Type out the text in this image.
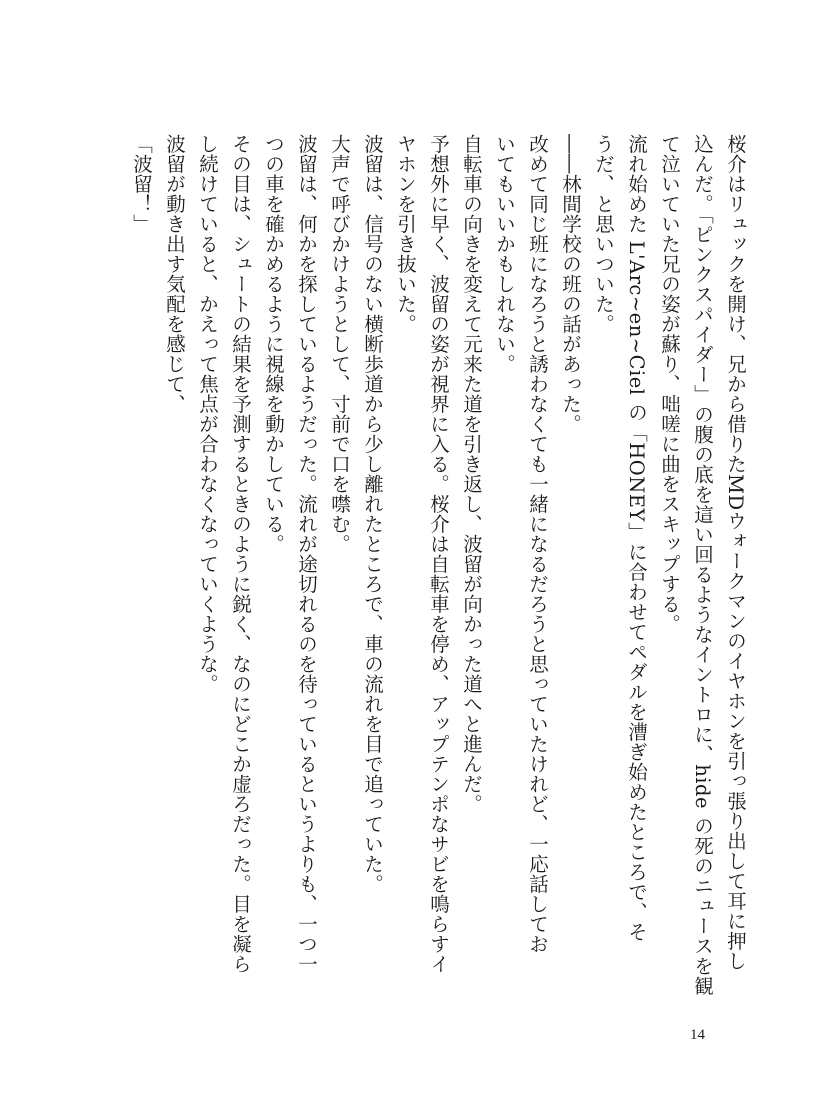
桜介はリュックを開け、兄から借りたMDウォークマンのイヤホンを引っ張り出して耳に押し
込んだ。「ピンクスパイダー」の腹の底を這い回るようなイントロに、hide の死のニュースを観
て泣いていた兄の姿が蘇り、咄嗟に曲をスキップする。
流れ始めた L'Arc~en~Ciel の「HONEY」に合わせてペダルを漕ぎ始めたところで、そ
うだ、と思いついた。
――林間学校の班の話があった。
改めて同じ班になろうと誘わなくても一緒になるだろうと思っていたけれど、一応話してお
いてもいいかもしれない。
自転車の向きを変えて元来た道を引き返し、波留が向かった道へと進んだ。
予想外に早く、波留の姿が視界に入る。桜介は自転車を停め、アップテンポなサビを鳴らすイ
ヤホンを引き抜いた。
波留は、信号のない横断歩道から少し離れたところで、車の流れを目で追っていた。
大声で呼びかけようとして、寸前で口を噤む。
波留は、何かを探しているようだった。流れが途切れるのを待っているというよりも、一つ一
つの車を確かめるように視線を動かしている。
その目は、シュートの結果を予測するときのように鋭く、なのにどこか虚ろだった。目を凝ら
し続けていると、かえって焦点が合わなくなっていくような。
波留が動き出す気配を感じて、
「波留！」
14
